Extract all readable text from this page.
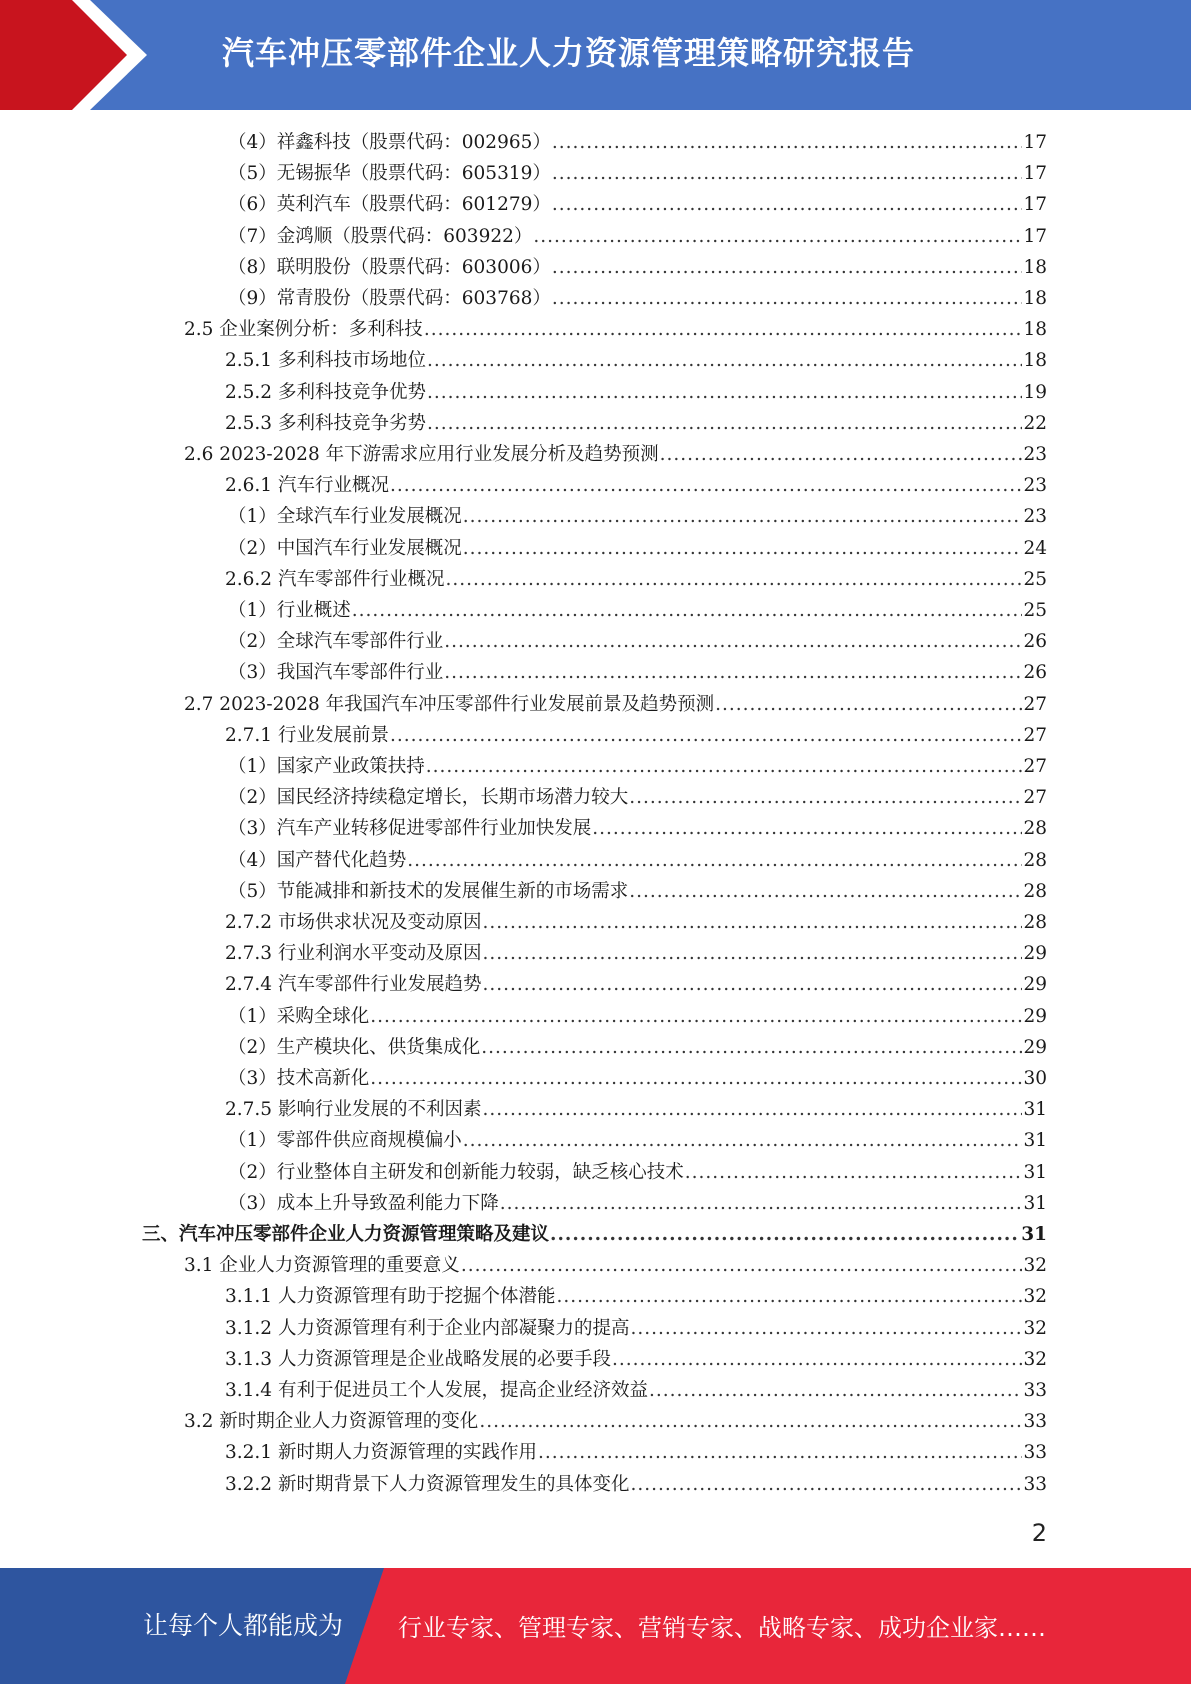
汽车冲压零部件企业人力资源管理策略研究报告
（4）祥鑫科技（股票代码：002965） .....	17
（5）无锡振华（股票代码：605319） .....	17
（6）英利汽车（股票代码：601279） .....	17
（7）金鸿顺（股票代码：603922） .....	17
（8）联明股份（股票代码：603006） .....	18
（9）常青股份（股票代码：603768） .....	18
2.5 企业案例分析：多利科技 .....	18
2.5.1 多利科技市场地位 .....	18
2.5.2 多利科技竞争优势 .....	19
2.5.3 多利科技竞争劣势 .....	22
2.6 2023-2028 年下游需求应用行业发展分析及趋势预测 .....	23
2.6.1 汽车行业概况 .....	23
（1）全球汽车行业发展概况 .....	23
（2）中国汽车行业发展概况 .....	24
2.6.2 汽车零部件行业概况 .....	25
（1）行业概述 .....	25
（2）全球汽车零部件行业 .....	26
（3）我国汽车零部件行业 .....	26
2.7 2023-2028 年我国汽车冲压零部件行业发展前景及趋势预测 .....	27
2.7.1 行业发展前景 .....	27
（1）国家产业政策扶持 .....	27
（2）国民经济持续稳定增长，长期市场潜力较大 .....	27
（3）汽车产业转移促进零部件行业加快发展 .....	28
（4）国产替代化趋势 .....	28
（5）节能减排和新技术的发展催生新的市场需求 .....	28
2.7.2 市场供求状况及变动原因 .....	28
2.7.3 行业利润水平变动及原因 .....	29
2.7.4 汽车零部件行业发展趋势 .....	29
（1）采购全球化 .....	29
（2）生产模块化、供货集成化 .....	29
（3）技术高新化 .....	30
2.7.5 影响行业发展的不利因素 .....	31
（1）零部件供应商规模偏小 .....	31
（2）行业整体自主研发和创新能力较弱，缺乏核心技术 .....	31
（3）成本上升导致盈利能力下降 .....	31
三、汽车冲压零部件企业人力资源管理策略及建议 .....	31
3.1 企业人力资源管理的重要意义 .....	32
3.1.1 人力资源管理有助于挖掘个体潜能 .....	32
3.1.2 人力资源管理有利于企业内部凝聚力的提高 .....	32
3.1.3 人力资源管理是企业战略发展的必要手段 .....	32
3.1.4 有利于促进员工个人发展，提高企业经济效益 .....	33
3.2 新时期企业人力资源管理的变化 .....	33
3.2.1 新时期人力资源管理的实践作用 .....	33
3.2.2 新时期背景下人力资源管理发生的具体变化 .....	33
2
让每个人都能成为 行业专家、管理专家、营销专家、战略专家、成功企业家……
